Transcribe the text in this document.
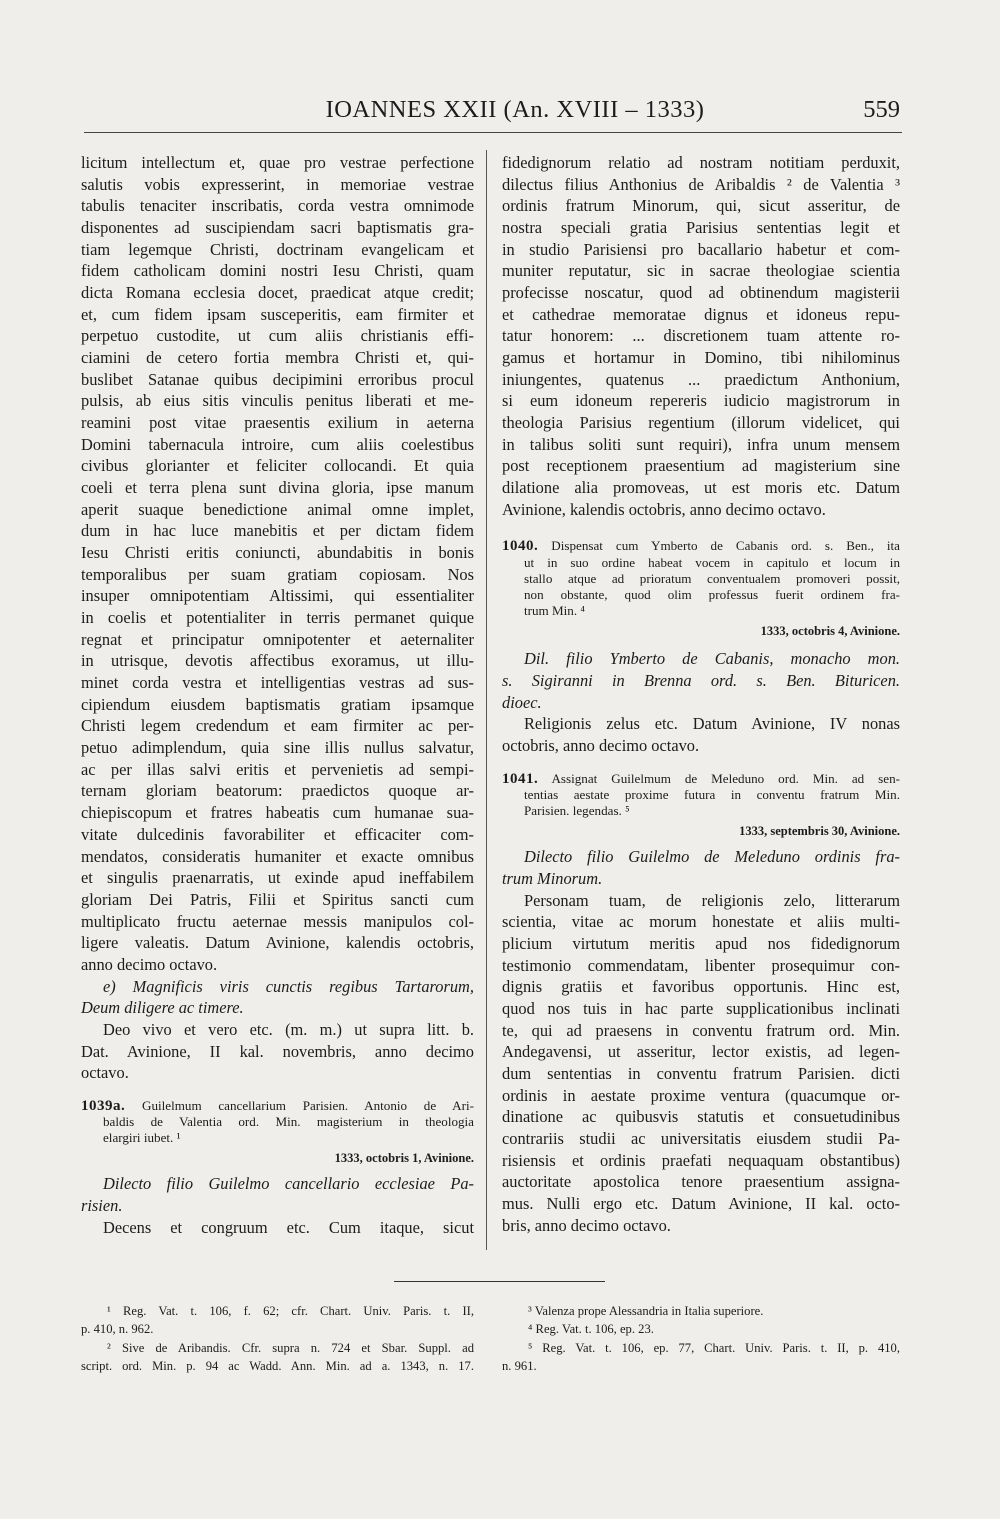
IOANNES XXII (An. XVIII – 1333)	559
licitum intellectum et, quae pro vestrae perfectione
salutis vobis expresserint, in memoriae vestrae
tabulis tenaciter inscribatis, corda vestra omnimode
disponentes ad suscipiendam sacri baptismatis gra-
tiam legemque Christi, doctrinam evangelicam et
fidem catholicam domini nostri Iesu Christi, quam
dicta Romana ecclesia docet, praedicat atque credit;
et, cum fidem ipsam susceperitis, eam firmiter et
perpetuo custodite, ut cum aliis christianis effi-
ciamini de cetero fortia membra Christi et, qui-
buslibet Satanae quibus decipimini erroribus procul
pulsis, ab eius sitis vinculis penitus liberati et me-
reamini post vitae praesentis exilium in aeterna
Domini tabernacula introire, cum aliis coelestibus
civibus glorianter et feliciter collocandi. Et quia
coeli et terra plena sunt divina gloria, ipse manum
aperit suaque benedictione animal omne implet,
dum in hac luce manebitis et per dictam fidem
Iesu Christi eritis coniuncti, abundabitis in bonis
temporalibus per suam gratiam copiosam. Nos
insuper omnipotentiam Altissimi, qui essentialiter
in coelis et potentialiter in terris permanet quique
regnat et principatur omnipotenter et aeternaliter
in utrisque, devotis affectibus exoramus, ut illu-
minet corda vestra et intelligentias vestras ad sus-
cipiendum eiusdem baptismatis gratiam ipsamque
Christi legem credendum et eam firmiter ac per-
petuo adimplendum, quia sine illis nullus salvatur,
ac per illas salvi eritis et pervenietis ad sempi-
ternam gloriam beatorum: praedictos quoque ar-
chiepiscopum et fratres habeatis cum humanae sua-
vitate dulcedinis favorabiliter et efficaciter com-
mendatos, consideratis humaniter et exacte omnibus
et singulis praenarratis, ut exinde apud ineffabilem
gloriam Dei Patris, Filii et Spiritus sancti cum
multiplicato fructu aeternae messis manipulos col-
ligere valeatis. Datum Avinione, kalendis octobris,
anno decimo octavo.
e) Magnificis viris cunctis regibus Tartarorum,
Deum diligere ac timere.
Deo vivo et vero etc. (m. m.) ut supra litt. b.
Dat. Avinione, II kal. novembris, anno decimo
octavo.
1039a. Guilelmum cancellarium Parisien. Antonio de Ari-
baldis de Valentia ord. Min. magisterium in theologia
elargiri iubet. ¹
1333, octobris 1, Avinione.
Dilecto filio Guilelmo cancellario ecclesiae Pa-
risien.
Decens et congruum etc. Cum itaque, sicut
fidedignorum relatio ad nostram notitiam perduxit,
dilectus filius Anthonius de Aribaldis ² de Valentia ³
ordinis fratrum Minorum, qui, sicut asseritur, de
nostra speciali gratia Parisius sententias legit et
in studio Parisiensi pro bacallario habetur et com-
muniter reputatur, sic in sacrae theologiae scientia
profecisse noscatur, quod ad obtinendum magisterii
et cathedrae memoratae dignus et idoneus repu-
tatur honorem: ... discretionem tuam attente ro-
gamus et hortamur in Domino, tibi nihilominus
iniungentes, quatenus ... praedictum Anthonium,
si eum idoneum repereris iudicio magistrorum in
theologia Parisius regentium (illorum videlicet, qui
in talibus soliti sunt requiri), infra unum mensem
post receptionem praesentium ad magisterium sine
dilatione alia promoveas, ut est moris etc. Datum
Avinione, kalendis octobris, anno decimo octavo.
1040. Dispensat cum Ymberto de Cabanis ord. s. Ben., ita
ut in suo ordine habeat vocem in capitulo et locum in
stallo atque ad prioratum conventualem promoveri possit,
non obstante, quod olim professus fuerit ordinem fra-
trum Min. ⁴
1333, octobris 4, Avinione.
Dil. filio Ymberto de Cabanis, monacho mon.
s. Sigiranni in Brenna ord. s. Ben. Bituricen.
dioec.
Religionis zelus etc. Datum Avinione, IV nonas
octobris, anno decimo octavo.
1041. Assignat Guilelmum de Meleduno ord. Min. ad sen-
tentias aestate proxime futura in conventu fratrum Min.
Parisien. legendas. ⁵
1333, septembris 30, Avinione.
Dilecto filio Guilelmo de Meleduno ordinis fra-
trum Minorum.
Personam tuam, de religionis zelo, litterarum
scientia, vitae ac morum honestate et aliis multi-
plicium virtutum meritis apud nos fidedignorum
testimonio commendatam, libenter prosequimur con-
dignis gratiis et favoribus opportunis. Hinc est,
quod nos tuis in hac parte supplicationibus inclinati
te, qui ad praesens in conventu fratrum ord. Min.
Andegavensi, ut asseritur, lector existis, ad legen-
dum sententias in conventu fratrum Parisien. dicti
ordinis in aestate proxime ventura (quacumque or-
dinatione ac quibusvis statutis et consuetudinibus
contrariis studii ac universitatis eiusdem studii Pa-
risiensis et ordinis praefati nequaquam obstantibus)
auctoritate apostolica tenore praesentium assigna-
mus. Nulli ergo etc. Datum Avinione, II kal. octo-
bris, anno decimo octavo.
¹ Reg. Vat. t. 106, f. 62; cfr. Chart. Univ. Paris. t. II,
p. 410, n. 962.
² Sive de Aribandis. Cfr. supra n. 724 et Sbar. Suppl. ad
script. ord. Min. p. 94 ac Wadd. Ann. Min. ad a. 1343, n. 17.
³ Valenza prope Alessandria in Italia superiore.
⁴ Reg. Vat. t. 106, ep. 23.
⁵ Reg. Vat. t. 106, ep. 77, Chart. Univ. Paris. t. II, p. 410,
n. 961.
